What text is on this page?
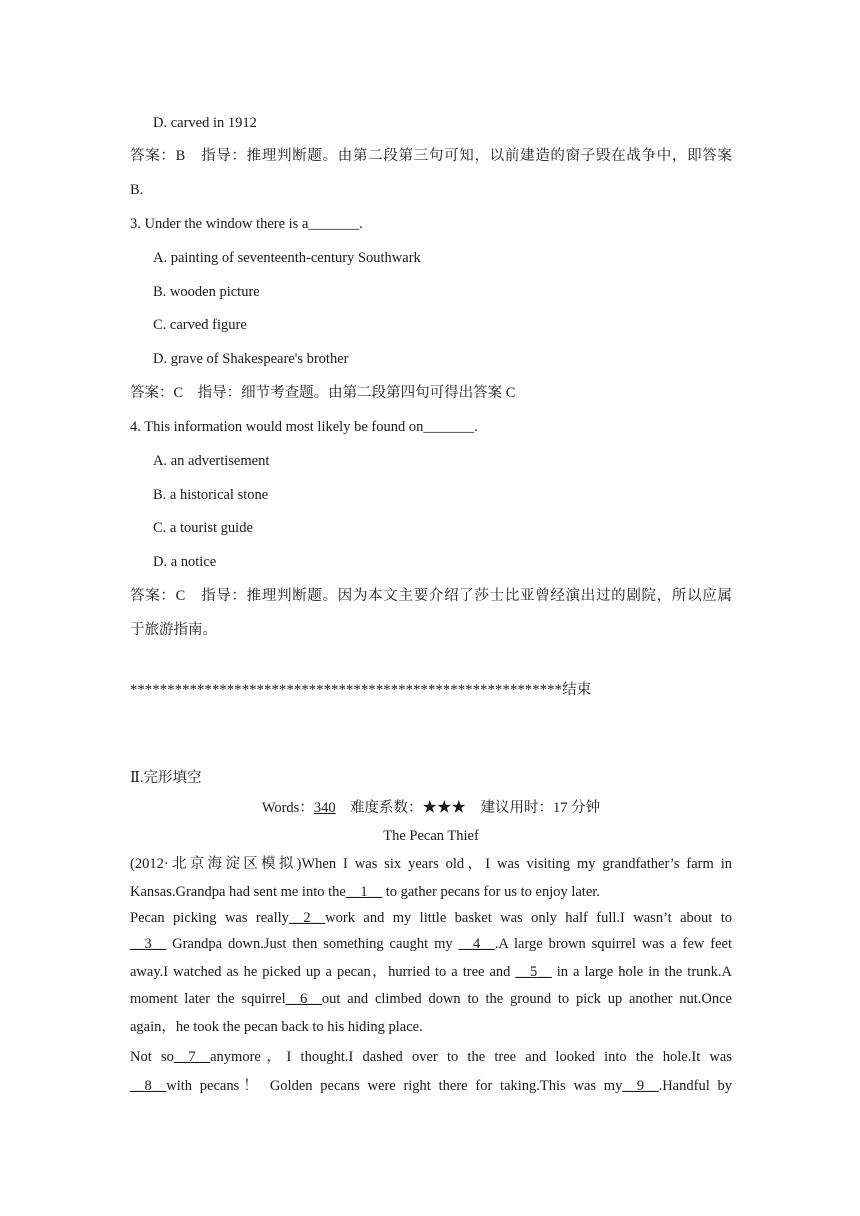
D. carved in 1912
答案：B　指导：推理判断题。由第二段第三句可知，以前建造的窗子毁在战争中，即答案
B.
3. Under the window there is a_______.
A. painting of seventeenth-century Southwark
B. wooden picture
C. carved figure
D. grave of Shakespeare's brother
答案：C　指导：细节考查题。由第二段第四句可得出答案 C
4. This information would most likely be found on_______.
A. an advertisement
B. a historical stone
C. a tourist guide
D. a notice
答案：C　指导：推理判断题。因为本文主要介绍了莎士比亚曾经演出过的剧院，所以应属
于旅游指南。
**********************************************************结束
Ⅱ.完形填空
Words：340　难度系数：★★★　建议用时：17 分钟
The Pecan Thief
(2012·北京海淀区模拟)When I was six years old，I was visiting my grandfather’s farm in
Kansas.Grandpa had sent me into the__1__ to gather pecans for us to enjoy later.
Pecan picking was really__2__work and my little basket was only half full.I wasn’t about to
__3__ Grandpa down.Just then something caught my __4__.A large brown squirrel was a few feet
away.I watched as he picked up a pecan，hurried to a tree and __5__ in a large hole in the trunk.A
moment later the squirrel__6__out and climbed down to the ground to pick up another nut.Once
again，he took the pecan back to his hiding place.
Not so__7__anymore，I thought.I dashed over to the tree and looked into the hole.It was
__8__with pecans！ Golden pecans were right there for taking.This was my__9__.Handful by
